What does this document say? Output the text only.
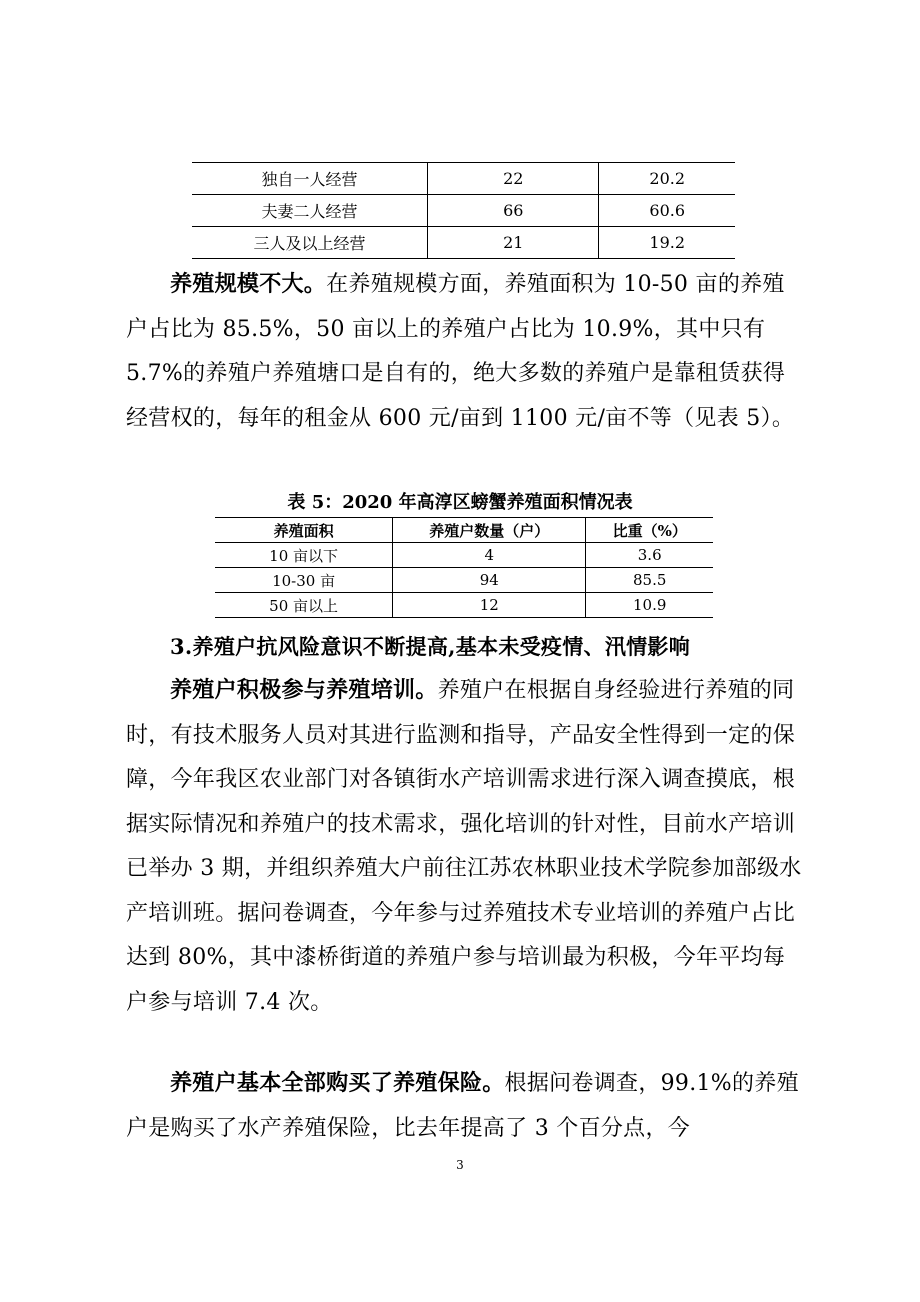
独自一人经营	22	20.2
夫妻二人经营	66	60.6
三人及以上经营	21	19.2

养殖规模不大。在养殖规模方面，养殖面积为 10-50 亩的养殖户占比为 85.5%，50 亩以上的养殖户占比为 10.9%，其中只有 5.7%的养殖户养殖塘口是自有的，绝大多数的养殖户是靠租赁获得经营权的，每年的租金从 600 元/亩到 1100 元/亩不等（见表 5）。

表 5：2020 年高淳区螃蟹养殖面积情况表
养殖面积	养殖户数量（户）	比重（%）
10 亩以下	4	3.6
10-30 亩	94	85.5
50 亩以上	12	10.9
3.养殖户抗风险意识不断提高,基本未受疫情、汛情影响

养殖户积极参与养殖培训。养殖户在根据自身经验进行养殖的同时，有技术服务人员对其进行监测和指导，产品安全性得到一定的保障，今年我区农业部门对各镇街水产培训需求进行深入调查摸底，根据实际情况和养殖户的技术需求，强化培训的针对性，目前水产培训已举办 3 期，并组织养殖大户前往江苏农林职业技术学院参加部级水产培训班。据问卷调查，今年参与过养殖技术专业培训的养殖户占比达到 80%，其中漆桥街道的养殖户参与培训最为积极，今年平均每户参与培训 7.4 次。

养殖户基本全部购买了养殖保险。根据问卷调查，99.1%的养殖户是购买了水产养殖保险，比去年提高了 3 个百分点，今

3
